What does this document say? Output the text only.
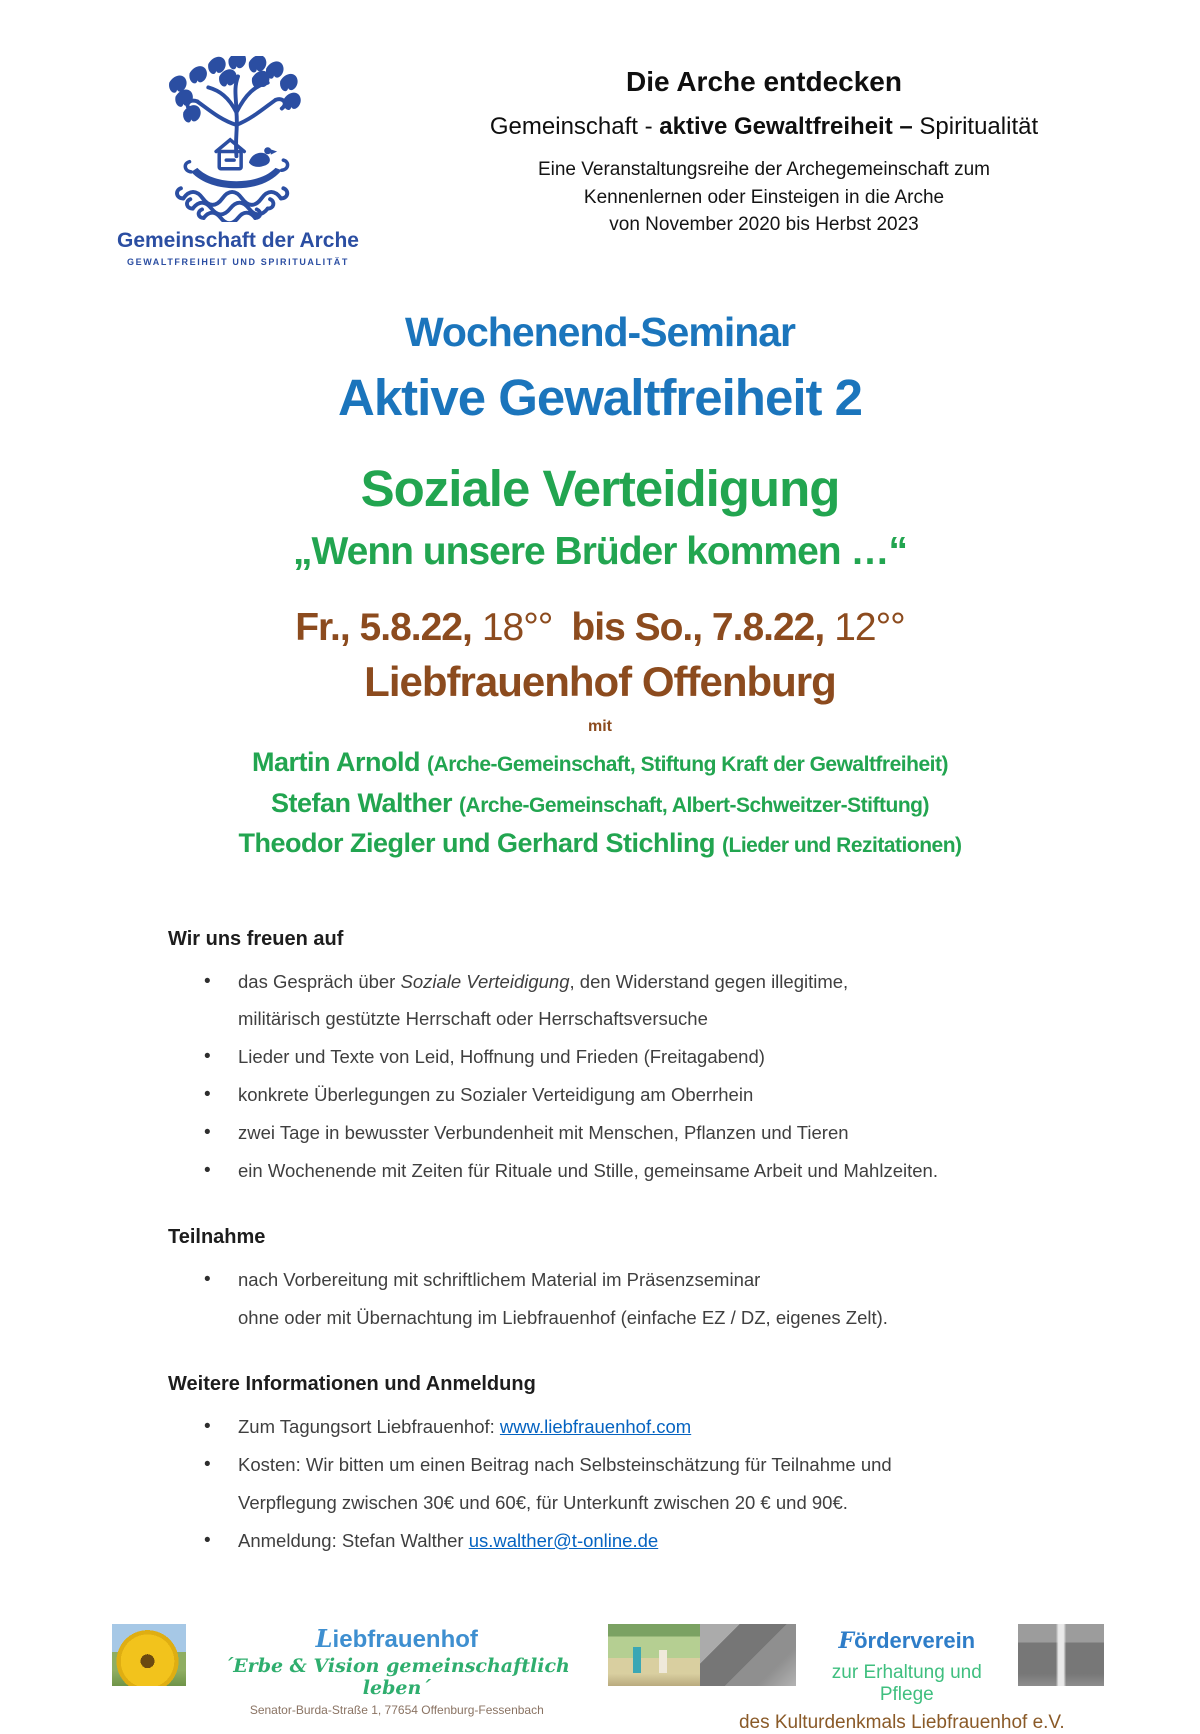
Gemeinschaft der Arche
GEWALTFREIHEIT UND SPIRITUALITÄT
Die Arche entdecken
Gemeinschaft - aktive Gewaltfreiheit – Spiritualität
Eine Veranstaltungsreihe der Archegemeinschaft zum
Kennenlernen oder Einsteigen in die Arche
von November 2020 bis Herbst 2023
Wochenend-Seminar
Aktive Gewaltfreiheit 2
Soziale Verteidigung
„Wenn unsere Brüder kommen …“
Fr., 5.8.22, 18°° bis So., 7.8.22, 12°°
Liebfrauenhof Offenburg
mit
Martin Arnold (Arche-Gemeinschaft, Stiftung Kraft der Gewaltfreiheit)
Stefan Walther (Arche-Gemeinschaft, Albert-Schweitzer-Stiftung)
Theodor Ziegler und Gerhard Stichling (Lieder und Rezitationen)
Wir uns freuen auf
• das Gespräch über Soziale Verteidigung, den Widerstand gegen illegitime,
militärisch gestützte Herrschaft oder Herrschaftsversuche
• Lieder und Texte von Leid, Hoffnung und Frieden (Freitagabend)
• konkrete Überlegungen zu Sozialer Verteidigung am Oberrhein
• zwei Tage in bewusster Verbundenheit mit Menschen, Pflanzen und Tieren
• ein Wochenende mit Zeiten für Rituale und Stille, gemeinsame Arbeit und Mahlzeiten.
Teilnahme
• nach Vorbereitung mit schriftlichem Material im Präsenzseminar
ohne oder mit Übernachtung im Liebfrauenhof (einfache EZ / DZ, eigenes Zelt).
Weitere Informationen und Anmeldung
• Zum Tagungsort Liebfrauenhof: www.liebfrauenhof.com
• Kosten: Wir bitten um einen Beitrag nach Selbsteinschätzung für Teilnahme und
Verpflegung zwischen 30€ und 60€, für Unterkunft zwischen 20 € und 90€.
• Anmeldung: Stefan Walther us.walther@t-online.de
Liebfrauenhof
´Erbe & Vision gemeinschaftlich leben´
Senator-Burda-Straße 1, 77654 Offenburg-Fessenbach
Förderverein
zur Erhaltung und Pflege
des Kulturdenkmals Liebfrauenhof e.V.
